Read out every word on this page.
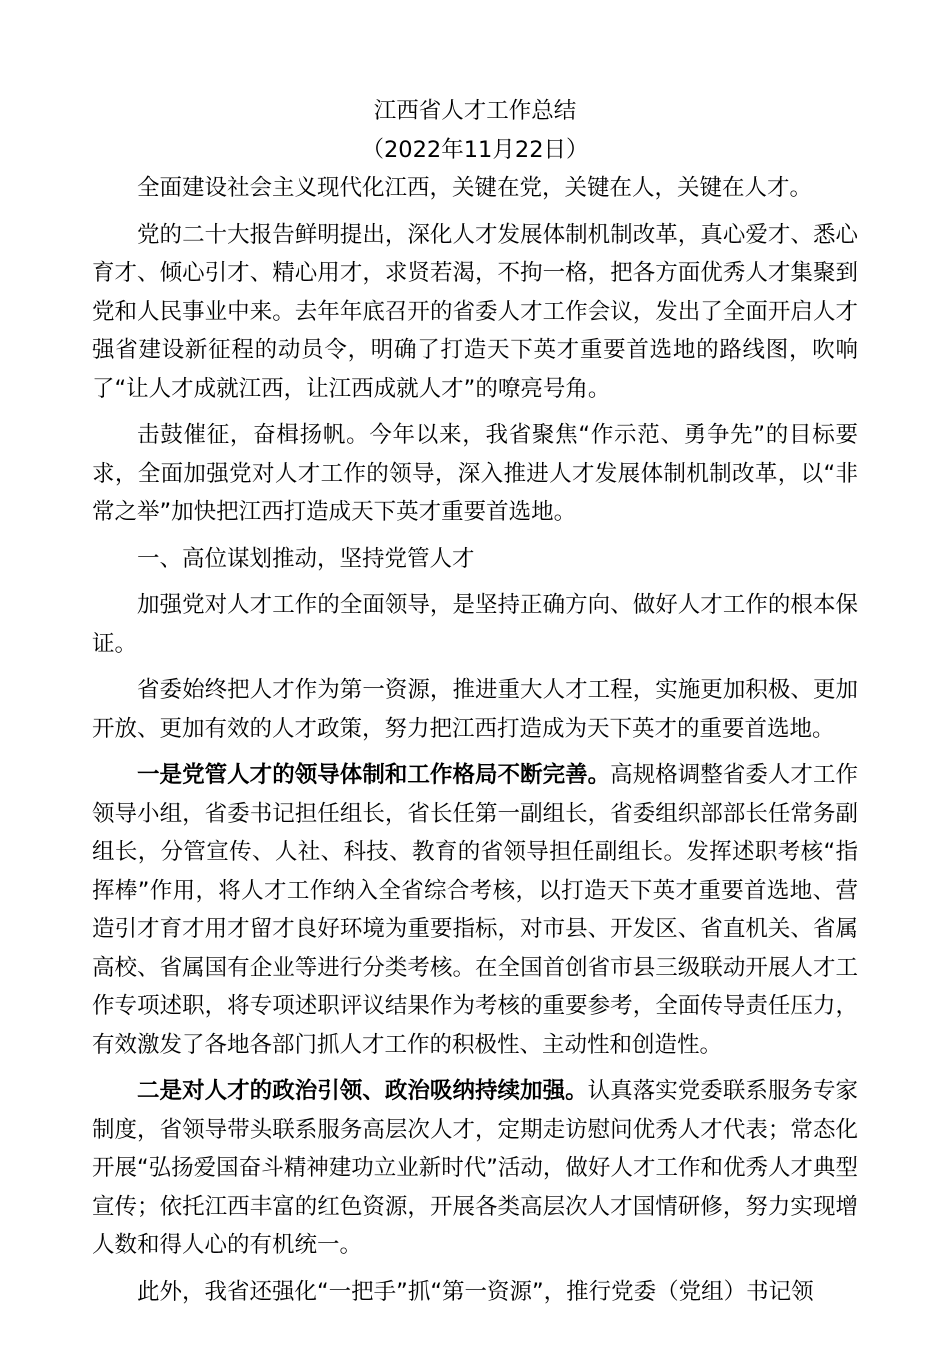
江西省人才工作总结
（2022年11月22日）

全面建设社会主义现代化江西，关键在党，关键在人，关键在人才。

党的二十大报告鲜明提出，深化人才发展体制机制改革，真心爱才、悉心育才、倾心引才、精心用才，求贤若渴，不拘一格，把各方面优秀人才集聚到党和人民事业中来。去年年底召开的省委人才工作会议，发出了全面开启人才强省建设新征程的动员令，明确了打造天下英才重要首选地的路线图，吹响了“让人才成就江西，让江西成就人才”的嘹亮号角。

击鼓催征，奋楫扬帆。今年以来，我省聚焦“作示范、勇争先”的目标要求，全面加强党对人才工作的领导，深入推进人才发展体制机制改革，以“非常之举”加快把江西打造成天下英才重要首选地。

一、高位谋划推动，坚持党管人才

加强党对人才工作的全面领导，是坚持正确方向、做好人才工作的根本保证。

省委始终把人才作为第一资源，推进重大人才工程，实施更加积极、更加开放、更加有效的人才政策，努力把江西打造成为天下英才的重要首选地。

一是党管人才的领导体制和工作格局不断完善。高规格调整省委人才工作领导小组，省委书记担任组长，省长任第一副组长，省委组织部部长任常务副组长，分管宣传、人社、科技、教育的省领导担任副组长。发挥述职考核“指挥棒”作用，将人才工作纳入全省综合考核，以打造天下英才重要首选地、营造引才育才用才留才良好环境为重要指标，对市县、开发区、省直机关、省属高校、省属国有企业等进行分类考核。在全国首创省市县三级联动开展人才工作专项述职，将专项述职评议结果作为考核的重要参考，全面传导责任压力，有效激发了各地各部门抓人才工作的积极性、主动性和创造性。

二是对人才的政治引领、政治吸纳持续加强。认真落实党委联系服务专家制度，省领导带头联系服务高层次人才，定期走访慰问优秀人才代表；常态化开展“弘扬爱国奋斗精神建功立业新时代”活动，做好人才工作和优秀人才典型宣传；依托江西丰富的红色资源，开展各类高层次人才国情研修，努力实现增人数和得人心的有机统一。

此外，我省还强化“一把手”抓“第一资源”，推行党委（党组）书记领
